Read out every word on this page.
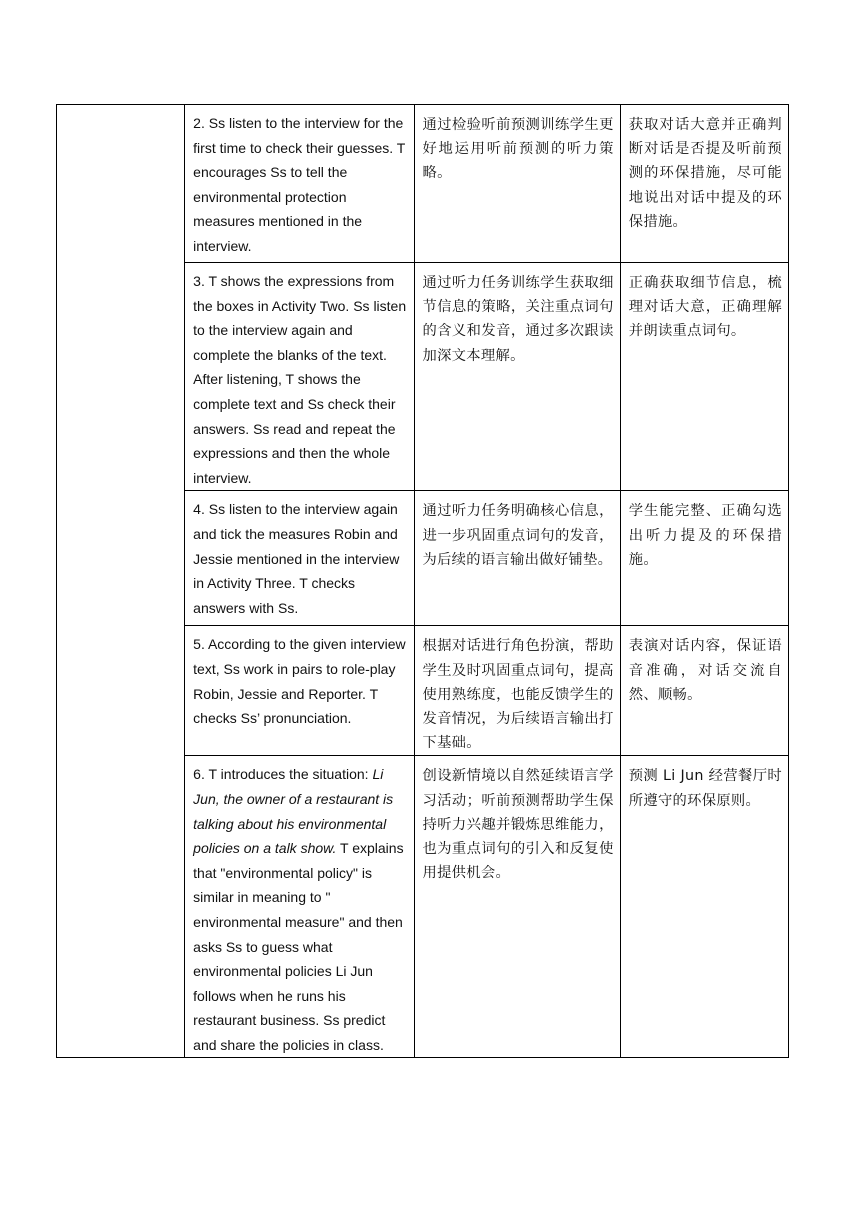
	2. Ss listen to the interview for the first time to check their guesses. T encourages Ss to tell the environmental protection measures mentioned in the interview.	通过检验听前预测训练学生更好地运用听前预测的听力策略。	获取对话大意并正确判断对话是否提及听前预测的环保措施，尽可能地说出对话中提及的环保措施。

	3. T shows the expressions from the boxes in Activity Two. Ss listen to the interview again and complete the blanks of the text. After listening, T shows the complete text and Ss check their answers. Ss read and repeat the expressions and then the whole interview.	通过听力任务训练学生获取细节信息的策略，关注重点词句的含义和发音，通过多次跟读加深文本理解。	正确获取细节信息，梳理对话大意，正确理解并朗读重点词句。

	4. Ss listen to the interview again and tick the measures Robin and Jessie mentioned in the interview in Activity Three. T checks answers with Ss.	通过听力任务明确核心信息，进一步巩固重点词句的发音，为后续的语言输出做好铺垫。	学生能完整、正确勾选出听力提及的环保措施。

	5. According to the given interview text, Ss work in pairs to role-play Robin, Jessie and Reporter. T checks Ss’ pronunciation.	根据对话进行角色扮演，帮助学生及时巩固重点词句，提高使用熟练度，也能反馈学生的发音情况，为后续语言输出打下基础。	表演对话内容，保证语音准确，对话交流自然、顺畅。

	6. T introduces the situation: Li Jun, the owner of a restaurant is talking about his environmental policies on a talk show. T explains that "environmental policy" is similar in meaning to " environmental measure" and then asks Ss to guess what environmental policies Li Jun follows when he runs his restaurant business. Ss predict and share the policies in class.	创设新情境以自然延续语言学习活动；听前预测帮助学生保持听力兴趣并锻炼思维能力，也为重点词句的引入和反复使用提供机会。	预测 Li Jun 经营餐厅时所遵守的环保原则。
